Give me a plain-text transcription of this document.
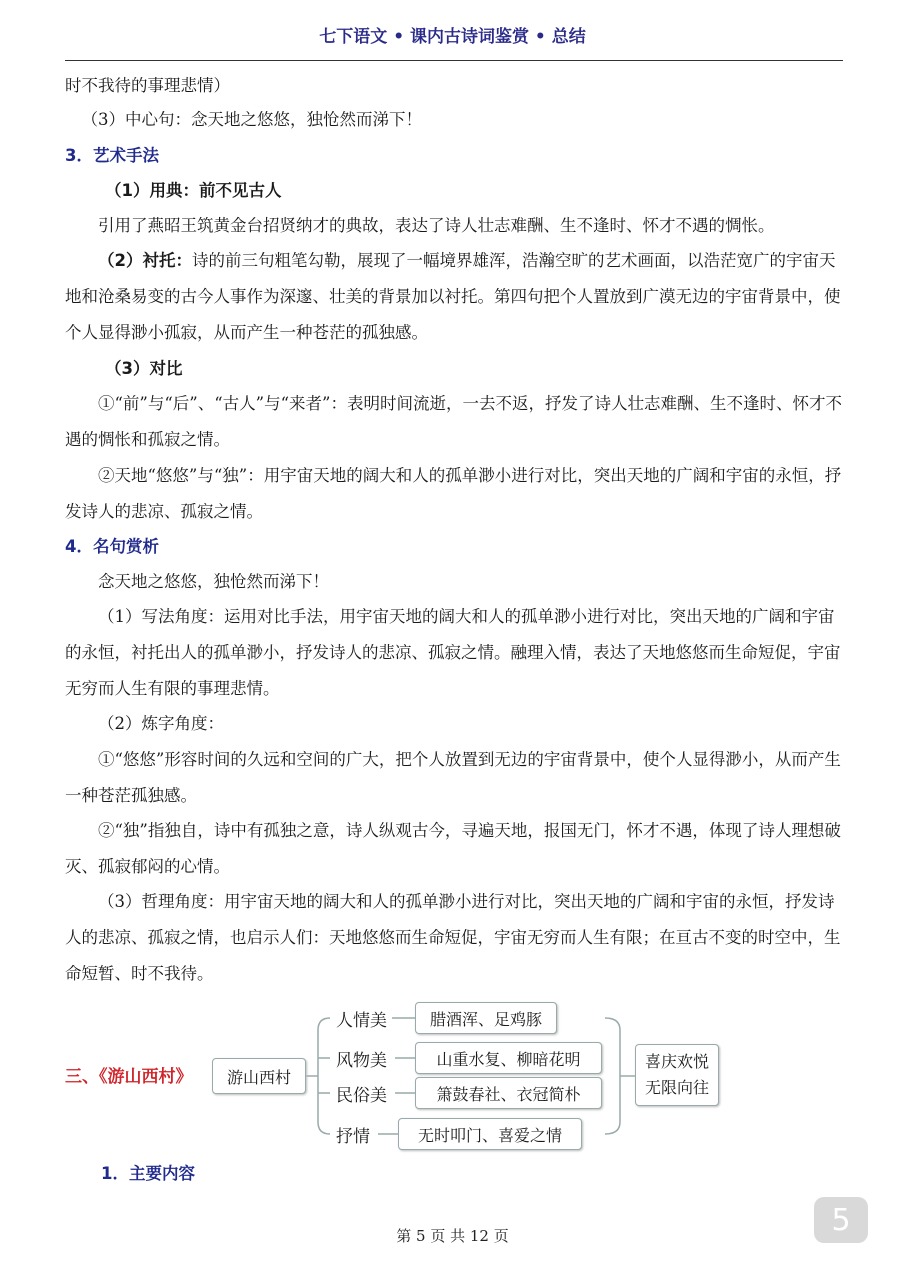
七下语文 • 课内古诗词鉴赏 • 总结

时不我待的事理悲情）

（3）中心句：念天地之悠悠，独怆然而涕下！

3．艺术手法

（1）用典：前不见古人

引用了燕昭王筑黄金台招贤纳才的典故，表达了诗人壮志难酬、生不逢时、怀才不遇的惆怅。

（2）衬托：诗的前三句粗笔勾勒，展现了一幅境界雄浑，浩瀚空旷的艺术画面，以浩茫宽广的宇宙天地和沧桑易变的古今人事作为深邃、壮美的背景加以衬托。第四句把个人置放到广漠无边的宇宙背景中，使个人显得渺小孤寂，从而产生一种苍茫的孤独感。

（3）对比

①“前”与“后”、“古人”与“来者”：表明时间流逝，一去不返，抒发了诗人壮志难酬、生不逢时、怀才不遇的惆怅和孤寂之情。

②天地“悠悠”与“独”：用宇宙天地的阔大和人的孤单渺小进行对比，突出天地的广阔和宇宙的永恒，抒发诗人的悲凉、孤寂之情。

4．名句赏析

念天地之悠悠，独怆然而涕下！

（1）写法角度：运用对比手法，用宇宙天地的阔大和人的孤单渺小进行对比，突出天地的广阔和宇宙的永恒，衬托出人的孤单渺小，抒发诗人的悲凉、孤寂之情。融理入情，表达了天地悠悠而生命短促，宇宙无穷而人生有限的事理悲情。

（2）炼字角度：

①“悠悠”形容时间的久远和空间的广大，把个人放置到无边的宇宙背景中，使个人显得渺小，从而产生一种苍茫孤独感。

②“独”指独自，诗中有孤独之意，诗人纵观古今，寻遍天地，报国无门，怀才不遇，体现了诗人理想破灭、孤寂郁闷的心情。

（3）哲理角度：用宇宙天地的阔大和人的孤单渺小进行对比，突出天地的广阔和宇宙的永恒，抒发诗人的悲凉、孤寂之情，也启示人们：天地悠悠而生命短促，宇宙无穷而人生有限；在亘古不变的时空中，生命短暂、时不我待。

三、《游山西村》	游山西村
人情美	腊酒浑、足鸡豚
风物美	山重水复、柳暗花明
民俗美	箫鼓春社、衣冠简朴
抒情	无时叩门、喜爱之情
喜庆欢悦
无限向往

1．主要内容

第 5 页 共 12 页	5
